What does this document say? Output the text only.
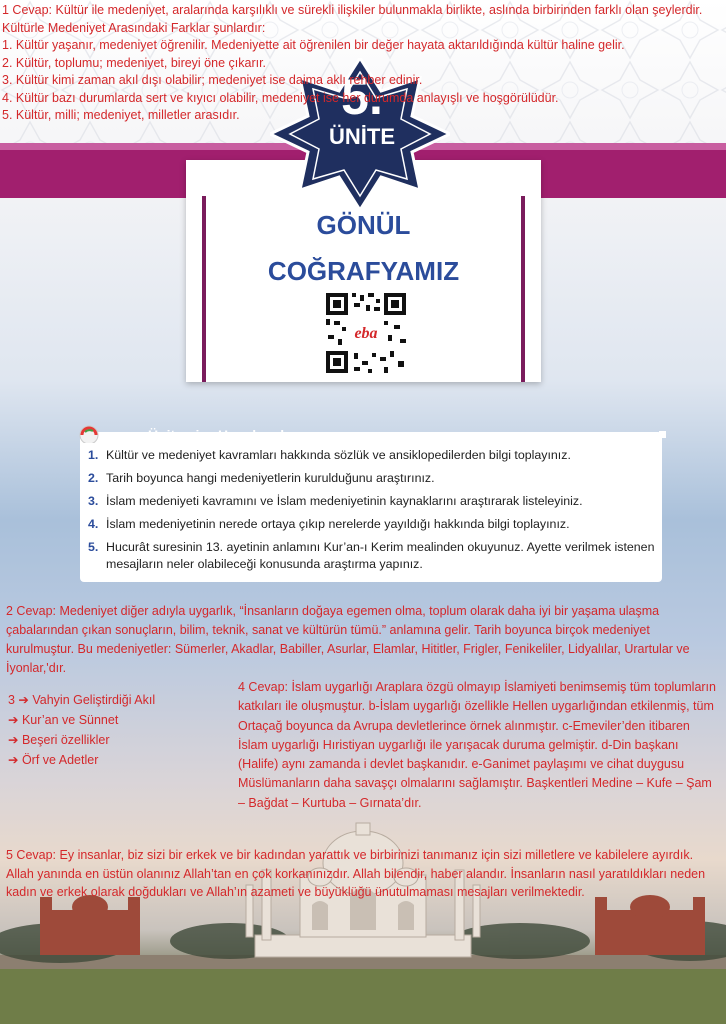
GÖNÜL
COĞRAFYAMIZ
eba
5.
ÜNİTE

1 Cevap: Kültür ile medeniyet, aralarında karşılıklı ve sürekli ilişkiler bulunmakla birlikte, aslında birbirinden farklı olan şeylerdir. Kültürle Medeniyet Arasındaki Farklar şunlardır:

1. Kültür yaşanır, medeniyet öğrenilir. Medeniyette ait öğrenilen bir değer hayata aktarıldığında kültür haline gelir.

2. Kültür, toplumu; medeniyet, bireyi öne çıkarır.

3. Kültür kimi zaman akıl dışı olabilir; medeniyet ise daima aklı rehber edinir.

4. Kültür bazı durumlarda sert ve kıyıcı olabilir, medeniyet ise her durumda anlayışlı ve hoşgörülüdür.

5. Kültür, milli; medeniyet, milletler arasıdır.

Ünitemize Hazırlanalım
1. Kültür ve medeniyet kavramları hakkında sözlük ve ansiklopedilerden bilgi toplayınız.
2. Tarih boyunca hangi medeniyetlerin kurulduğunu araştırınız.
3. İslam medeniyeti kavramını ve İslam medeniyetinin kaynaklarını araştırarak listeleyiniz.
4. İslam medeniyetinin nerede ortaya çıkıp nerelerde yayıldığı hakkında bilgi toplayınız.
5. Hucurât suresinin 13. ayetinin anlamını Kur’an-ı Kerim mealinden okuyunuz. Ayette verilmek istenen mesajların neler olabileceği konusunda araştırma yapınız.

2 Cevap: Medeniyet diğer adıyla uygarlık, “İnsanların doğaya egemen olma, toplum olarak daha iyi bir yaşama ulaşma çabalarından çıkan sonuçların, bilim, teknik, sanat ve kültürün tümü.” anlamına gelir. Tarih boyunca birçok medeniyet kurulmuştur. Bu medeniyetler: Sümerler, Akadlar, Babiller, Asurlar, Elamlar, Hititler, Frigler, Fenikeliler, Lidyalılar, Urartular ve İyonlar,'dır.

3 ➔ Vahyin Geliştirdiği Akıl
➔ Kur’an ve Sünnet
➔ Beşeri özellikler
➔ Örf ve Adetler

4 Cevap: İslam uygarlığı Araplara özgü olmayıp İslamiyeti benimsemiş tüm toplumların katkıları ile oluşmuştur. b-İslam uygarlığı özellikle Hellen uygarlığından etkilenmiş, tüm Ortaçağ boyunca da Avrupa devletlerince örnek alınmıştır. c-Emeviler’den itibaren İslam uygarlığı Hıristiyan uygarlığı ile yarışacak duruma gelmiştir. d-Din başkanı (Halife) aynı zamanda i devlet başkanıdır. e-Ganimet paylaşımı ve cihat duygusu Müslümanların daha savaşçı olmalarını sağlamıştır. Başkentleri Medine – Kufe – Şam – Bağdat – Kurtuba – Gırnata’dır.

5 Cevap: Ey insanlar, biz sizi bir erkek ve bir kadından yarattık ve birbirinizi tanımanız için sizi milletlere ve kabilelere ayırdık. Allah yanında en üstün olanınız Allah’tan en çok korkanınızdır. Allah bilendir, haber alandır. İnsanların nasıl yaratıldıkları neden kadın ve erkek olarak doğdukları ve Allah’ın azameti ve büyüklüğü ünutulmaması mesajları verilmektedir.
